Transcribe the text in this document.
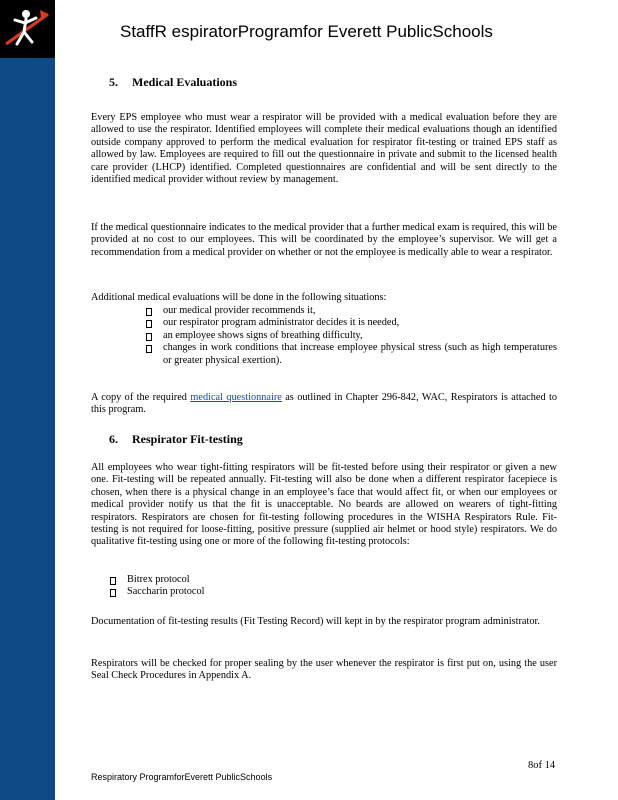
StaffR espiratorProgramfor Everett PublicSchools
5. Medical Evaluations

Every EPS employee who must wear a respirator will be provided with a medical evaluation before they are allowed to use the respirator. Identified employees will complete their medical evaluations though an identified outside company approved to perform the medical evaluation for respirator fit-testing or trained EPS staff as allowed by law. Employees are required to fill out the questionnaire in private and submit to the licensed health care provider (LHCP) identified. Completed questionnaires are confidential and will be sent directly to the identified medical provider without review by management.

If the medical questionnaire indicates to the medical provider that a further medical exam is required, this will be provided at no cost to our employees. This will be coordinated by the employee’s supervisor. We will get a recommendation from a medical provider on whether or not the employee is medically able to wear a respirator.

Additional medical evaluations will be done in the following situations:

our medical provider recommends it,
our respirator program administrator decides it is needed,
an employee shows signs of breathing difficulty,
changes in work conditions that increase employee physical stress (such as high temperatures or greater physical exertion).

A copy of the required medical questionnaire as outlined in Chapter 296-842, WAC, Respirators is attached to this program.

6. Respirator Fit-testing

All employees who wear tight-fitting respirators will be fit-tested before using their respirator or given a new one. Fit-testing will be repeated annually. Fit-testing will also be done when a different respirator facepiece is chosen, when there is a physical change in an employee’s face that would affect fit, or when our employees or medical provider notify us that the fit is unacceptable. No beards are allowed on wearers of tight-fitting respirators. Respirators are chosen for fit-testing following procedures in the WISHA Respirators Rule. Fit-testing is not required for loose-fitting, positive pressure (supplied air helmet or hood style) respirators. We do qualitative fit-testing using one or more of the following fit-testing protocols:

Bitrex protocol
Saccharin protocol

Documentation of fit-testing results (Fit Testing Record) will kept in by the respirator program administrator.

Respirators will be checked for proper sealing by the user whenever the respirator is first put on, using the user Seal Check Procedures in Appendix A.

8of 14
Respiratory ProgramforEverett PublicSchools
